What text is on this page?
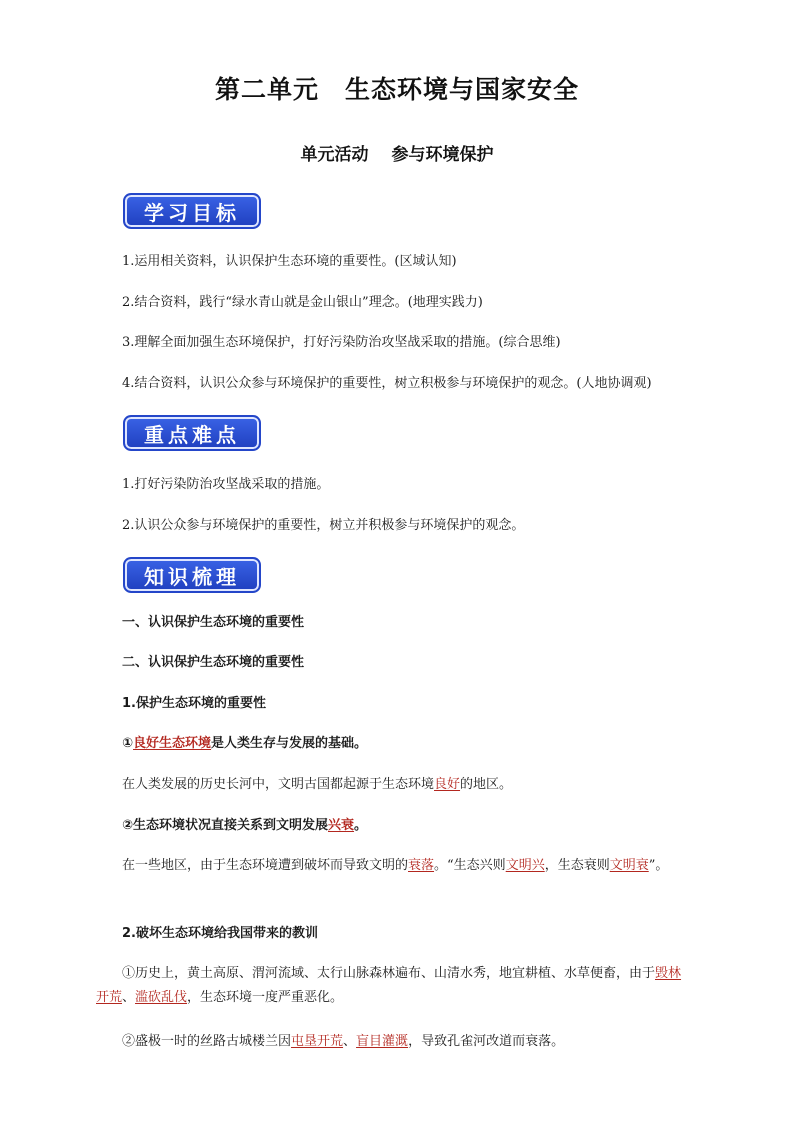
第二单元　生态环境与国家安全
单元活动　 参与环境保护
学习目标
1.运用相关资料，认识保护生态环境的重要性。(区域认知)
2.结合资料，践行“绿水青山就是金山银山”理念。(地理实践力)
3.理解全面加强生态环境保护，打好污染防治攻坚战采取的措施。(综合思维)
4.结合资料，认识公众参与环境保护的重要性，树立积极参与环境保护的观念。(人地协调观)
重点难点
1.打好污染防治攻坚战采取的措施。
2.认识公众参与环境保护的重要性，树立并积极参与环境保护的观念。
知识梳理
一、认识保护生态环境的重要性
二、认识保护生态环境的重要性
1.保护生态环境的重要性
①良好生态环境是人类生存与发展的基础。
在人类发展的历史长河中，文明古国都起源于生态环境良好的地区。
②生态环境状况直接关系到文明发展兴衰。
在一些地区，由于生态环境遭到破坏而导致文明的衰落。“生态兴则文明兴，生态衰则文明衰”。
2.破坏生态环境给我国带来的教训
①历史上，黄土高原、渭河流域、太行山脉森林遍布、山清水秀，地宜耕植、水草便畜，由于毁林开荒、滥砍乱伐，生态环境一度严重恶化。
②盛极一时的丝路古城楼兰因屯垦开荒、盲目灌溉，导致孔雀河改道而衰落。
